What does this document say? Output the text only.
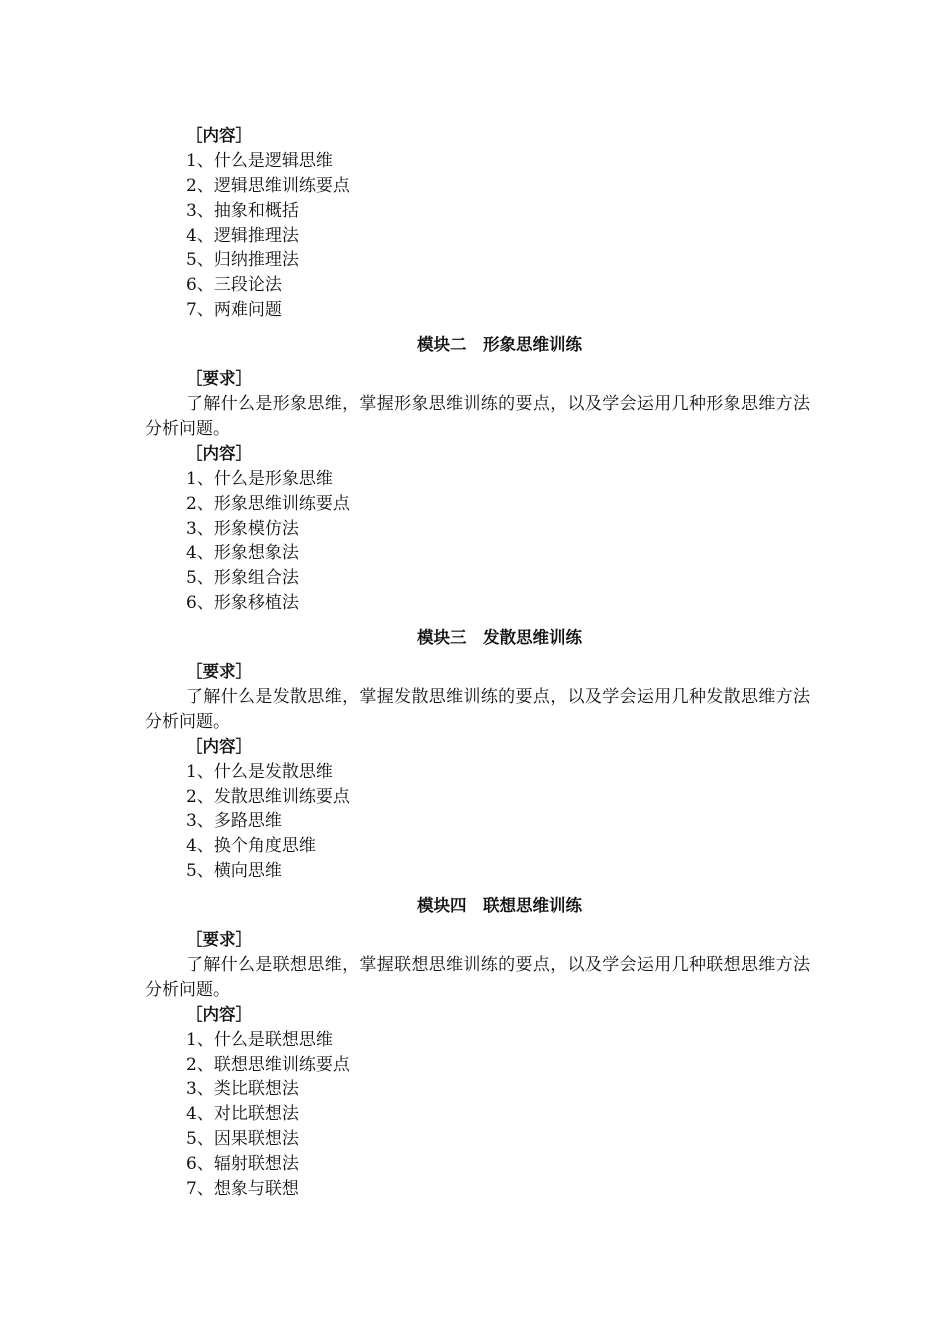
［内容］
1、什么是逻辑思维
2、逻辑思维训练要点
3、抽象和概括
4、逻辑推理法
5、归纳推理法
6、三段论法
7、两难问题
模块二　形象思维训练
［要求］

了解什么是形象思维，掌握形象思维训练的要点，以及学会运用几种形象思维方法分析问题。

［内容］
1、什么是形象思维
2、形象思维训练要点
3、形象模仿法
4、形象想象法
5、形象组合法
6、形象移植法
模块三　发散思维训练
［要求］

了解什么是发散思维，掌握发散思维训练的要点，以及学会运用几种发散思维方法分析问题。

［内容］
1、什么是发散思维
2、发散思维训练要点
3、多路思维
4、换个角度思维
5、横向思维
模块四　联想思维训练
［要求］

了解什么是联想思维，掌握联想思维训练的要点，以及学会运用几种联想思维方法分析问题。

［内容］
1、什么是联想思维
2、联想思维训练要点
3、类比联想法
4、对比联想法
5、因果联想法
6、辐射联想法
7、想象与联想
